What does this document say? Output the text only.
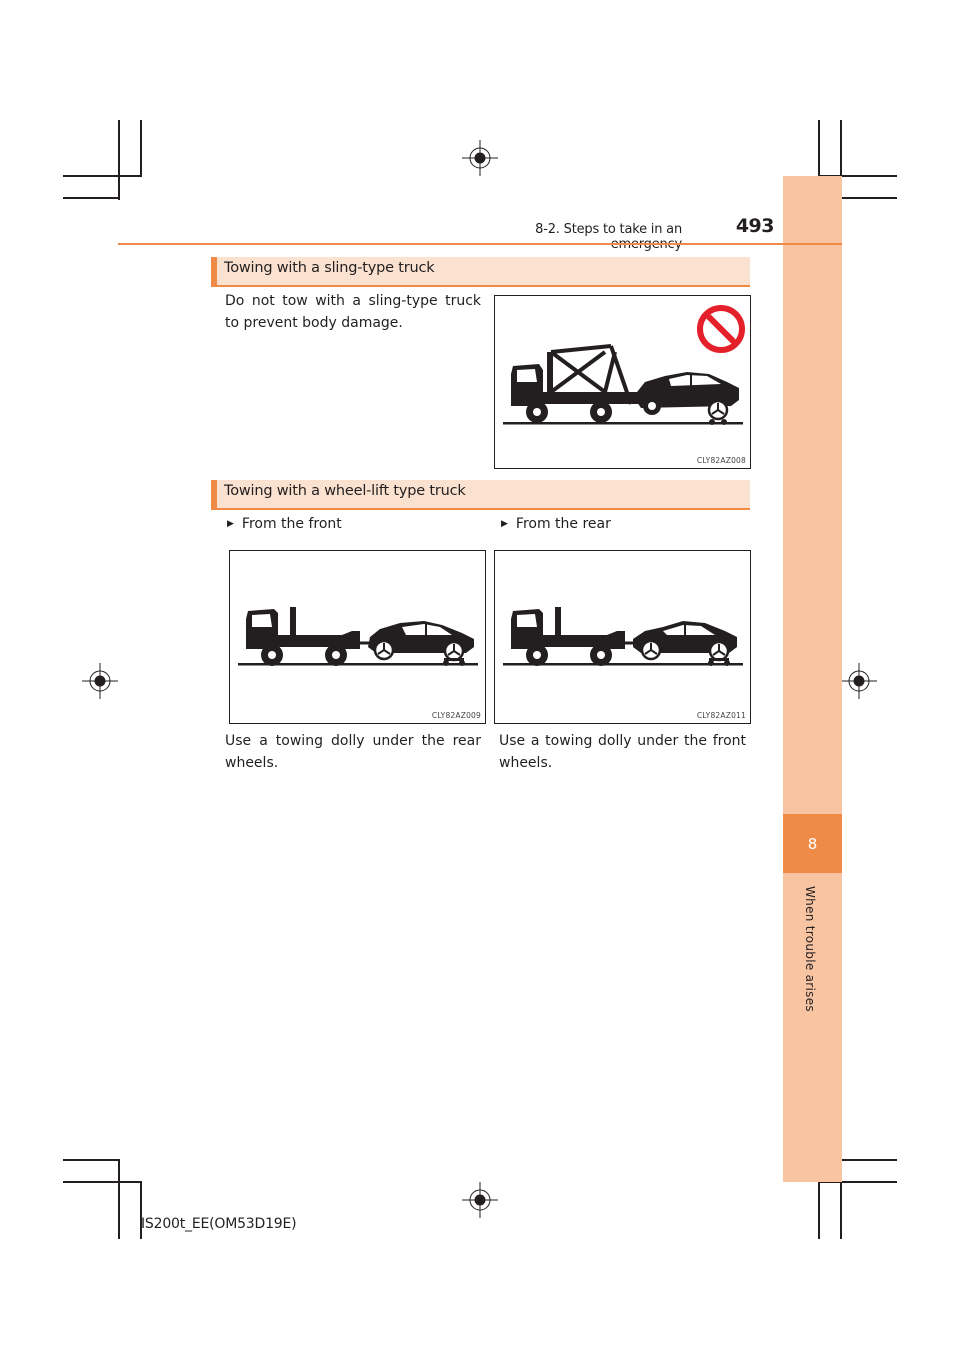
8
When trouble arises
8-2. Steps to take in an	493
Towing with a sling-type truck
Do not tow with a sling-type truck to prevent body damage.
CLY82AZ008
Towing with a wheel-lift type truck
▶ From the front	▶ From the rear
CLY82AZ009	CLY82AZ011
Use a towing dolly under the rear wheels.
Use a towing dolly under the front wheels.
IS200t_EE(OM53D19E)
